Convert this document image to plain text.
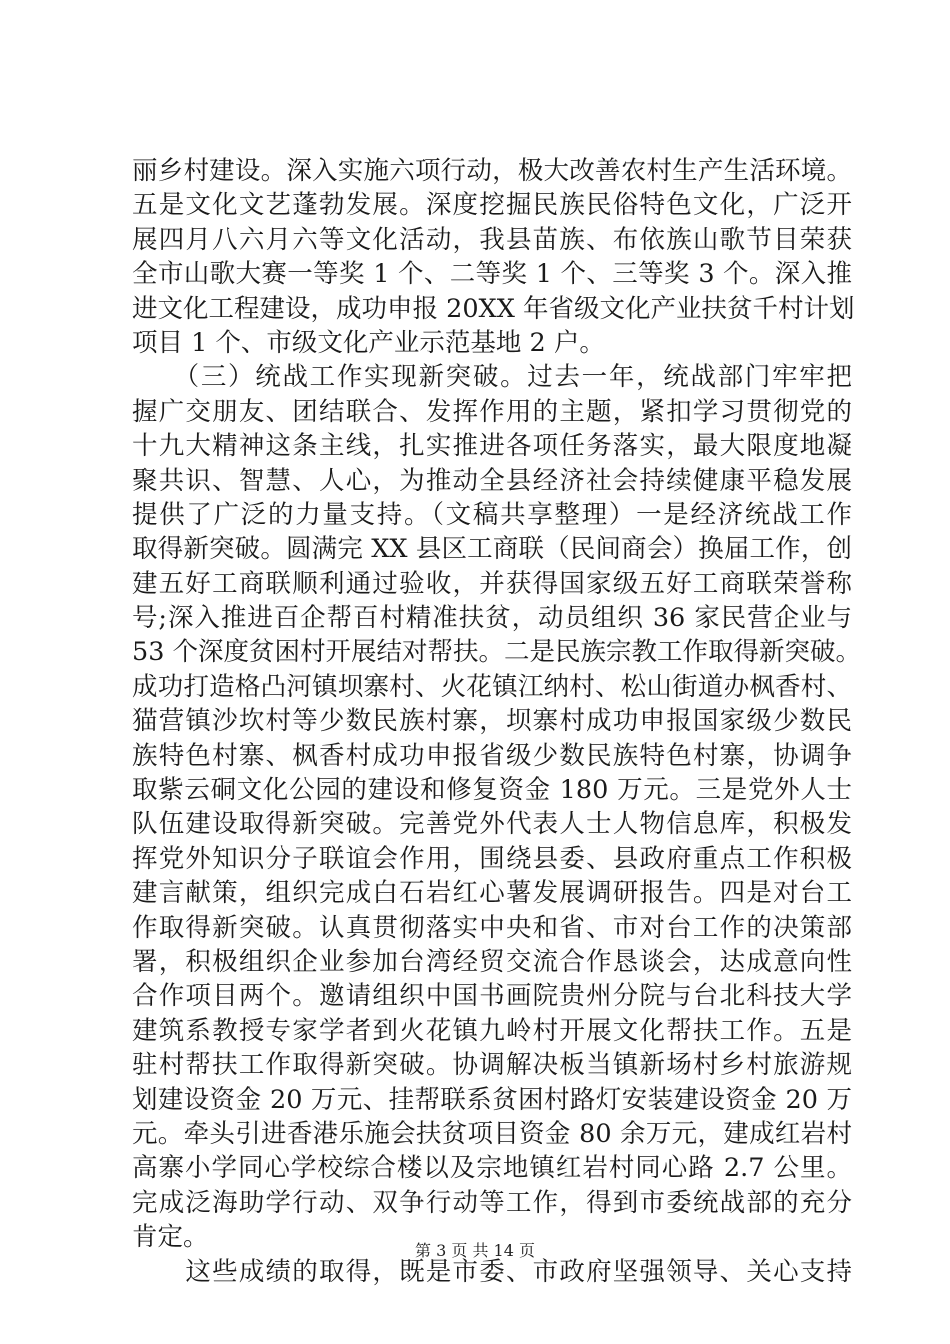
丽乡村建设。深入实施六项行动，极大改善农村生产生活环境。
五是文化文艺蓬勃发展。深度挖掘民族民俗特色文化，广泛开
展四月八六月六等文化活动，我县苗族、布依族山歌节目荣获
全市山歌大赛一等奖 1 个、二等奖 1 个、三等奖 3 个。深入推
进文化工程建设，成功申报 20XX 年省级文化产业扶贫千村计划
项目 1 个、市级文化产业示范基地 2 户。
　　（三）统战工作实现新突破。过去一年，统战部门牢牢把
握广交朋友、团结联合、发挥作用的主题，紧扣学习贯彻党的
十九大精神这条主线，扎实推进各项任务落实，最大限度地凝
聚共识、智慧、人心，为推动全县经济社会持续健康平稳发展
提供了广泛的力量支持。（文稿共享整理）一是经济统战工作
取得新突破。圆满完 XX 县区工商联（民间商会）换届工作，创
建五好工商联顺利通过验收，并获得国家级五好工商联荣誉称
号;深入推进百企帮百村精准扶贫，动员组织 36 家民营企业与
53 个深度贫困村开展结对帮扶。二是民族宗教工作取得新突破。
成功打造格凸河镇坝寨村、火花镇江纳村、松山街道办枫香村、
猫营镇沙坎村等少数民族村寨，坝寨村成功申报国家级少数民
族特色村寨、枫香村成功申报省级少数民族特色村寨，协调争
取紫云硐文化公园的建设和修复资金 180 万元。三是党外人士
队伍建设取得新突破。完善党外代表人士人物信息库，积极发
挥党外知识分子联谊会作用，围绕县委、县政府重点工作积极
建言献策，组织完成白石岩红心薯发展调研报告。四是对台工
作取得新突破。认真贯彻落实中央和省、市对台工作的决策部
署，积极组织企业参加台湾经贸交流合作恳谈会，达成意向性
合作项目两个。邀请组织中国书画院贵州分院与台北科技大学
建筑系教授专家学者到火花镇九岭村开展文化帮扶工作。五是
驻村帮扶工作取得新突破。协调解决板当镇新场村乡村旅游规
划建设资金 20 万元、挂帮联系贫困村路灯安装建设资金 20 万
元。牵头引进香港乐施会扶贫项目资金 80 余万元，建成红岩村
高寨小学同心学校综合楼以及宗地镇红岩村同心路 2.7 公里。
完成泛海助学行动、双争行动等工作，得到市委统战部的充分
肯定。
　　这些成绩的取得，既是市委、市政府坚强领导、关心支持
第 3 页 共 14 页
